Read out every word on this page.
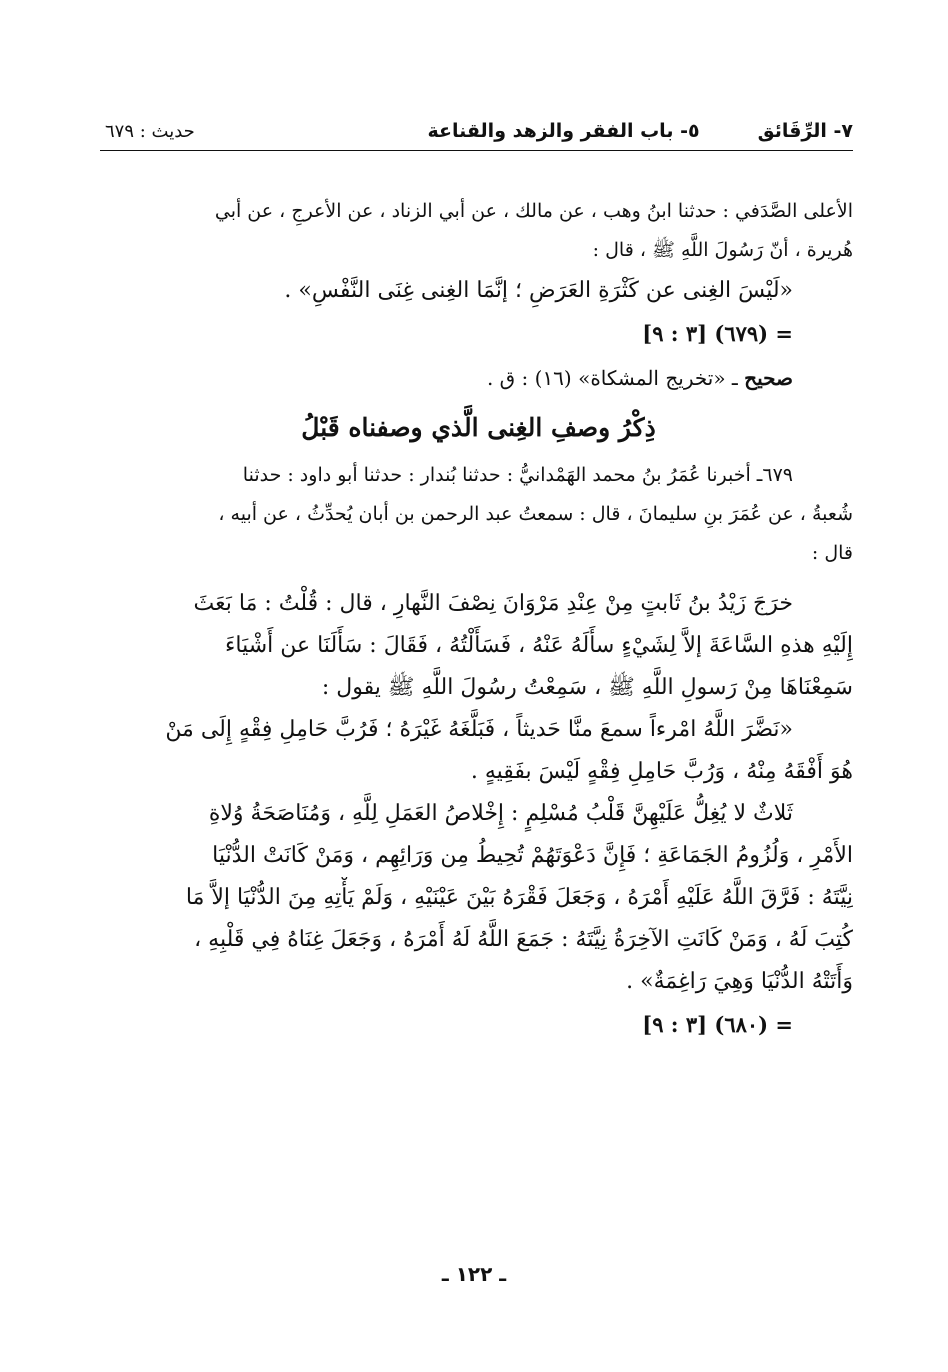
٧- الرِّقَائق
٥- باب الفقر والزهد والقناعة
حديث : ٦٧٩
الأعلى الصَّدَفي : حدثنا ابنُ وهب ، عن مالك ، عن أبي الزناد ، عن الأعرجِ ، عن أبي
هُريرة ، أنّ رَسُولَ اللَّهِ ﷺ ، قال :
«لَيْسَ الغِنى عن كَثْرَةِ العَرَضِ ؛ إنَّمَا الغِنى غِنَى النَّفْسِ» .
= (٦٧٩) [٣ : ٩]
صحيح ـ «تخريج المشكاة» (١٦) : ق .
ذِكْرُ وصفِ الغِنى الَّذي وصفناه قَبْلُ
٦٧٩ـ أخبرنا عُمَرُ بنُ محمد الهَمْدانيُّ : حدثنا بُندار : حدثنا أبو داود : حدثنا
شُعبةُ ، عن عُمَرَ بنِ سليمانَ ، قال : سمعتُ عبد الرحمن بن أبان يُحدِّثُ ، عن أبيه ،
قال :
خرَجَ زَيْدُ بنُ ثَابتٍ مِنْ عِنْدِ مَرْوَانَ نِصْفَ النَّهارِ ، قال : قُلْتُ : مَا بَعَثَ
إِلَيْهِ هذهِ السَّاعَةَ إلاَّ لِشَيْءٍ سأَلَهُ عَنْهُ ، فَسَأَلْتُهُ ، فَقَالَ : سَأَلَنَا عن أَشْيَاءَ
سَمِعْنَاهَا مِنْ رَسولِ اللَّهِ ﷺ ، سَمِعْتُ رسُولَ اللَّهِ ﷺ يقول :
«نَضَّرَ اللَّهُ امْرءاً سمعَ منَّا حَديثاً ، فَبَلَّغَهُ غَيْرَهُ ؛ فَرُبَّ حَامِلِ فِقْهٍ إِلَى مَنْ
هُوَ أَفْقَهُ مِنْهُ ، وَرُبَّ حَامِلِ فِقْهٍ لَيْسَ بفَقِيهٍ .
ثَلاثٌ لا يُغِلُّ عَلَيْهِنَّ قَلْبُ مُسْلِمٍ : إِخْلاصُ العَمَلِ لِلَّهِ ، وَمُنَاصَحَةُ وُلاةِ
الأَمْرِ ، وَلُزُومُ الجَمَاعَةِ ؛ فَإِنَّ دَعْوَتَهُمْ تُحِيطُ مِن وَرَائِهِم ، وَمَنْ كَانَتْ الدُّنْيَا
نِيَّتَهُ : فَرَّقَ اللَّهُ عَلَيْهِ أَمْرَهُ ، وَجَعَلَ فَقْرَهُ بَيْنَ عَيْنَيْهِ ، وَلَمْ يَأْتِهِ مِنَ الدُّنْيَا إلاَّ مَا
كُتِبَ لَهُ ، وَمَنْ كَانَتِ الآخِرَةُ نِيَّتَهُ : جَمَعَ اللَّهُ لَهُ أَمْرَهُ ، وَجَعَلَ غِنَاهُ فِي قَلْبِهِ ،
وَأَتَتْهُ الدُّنْيَا وَهِيَ رَاغِمَةٌ» .
= (٦٨٠) [٣ : ٩]
ـ ١٢٢ ـ
